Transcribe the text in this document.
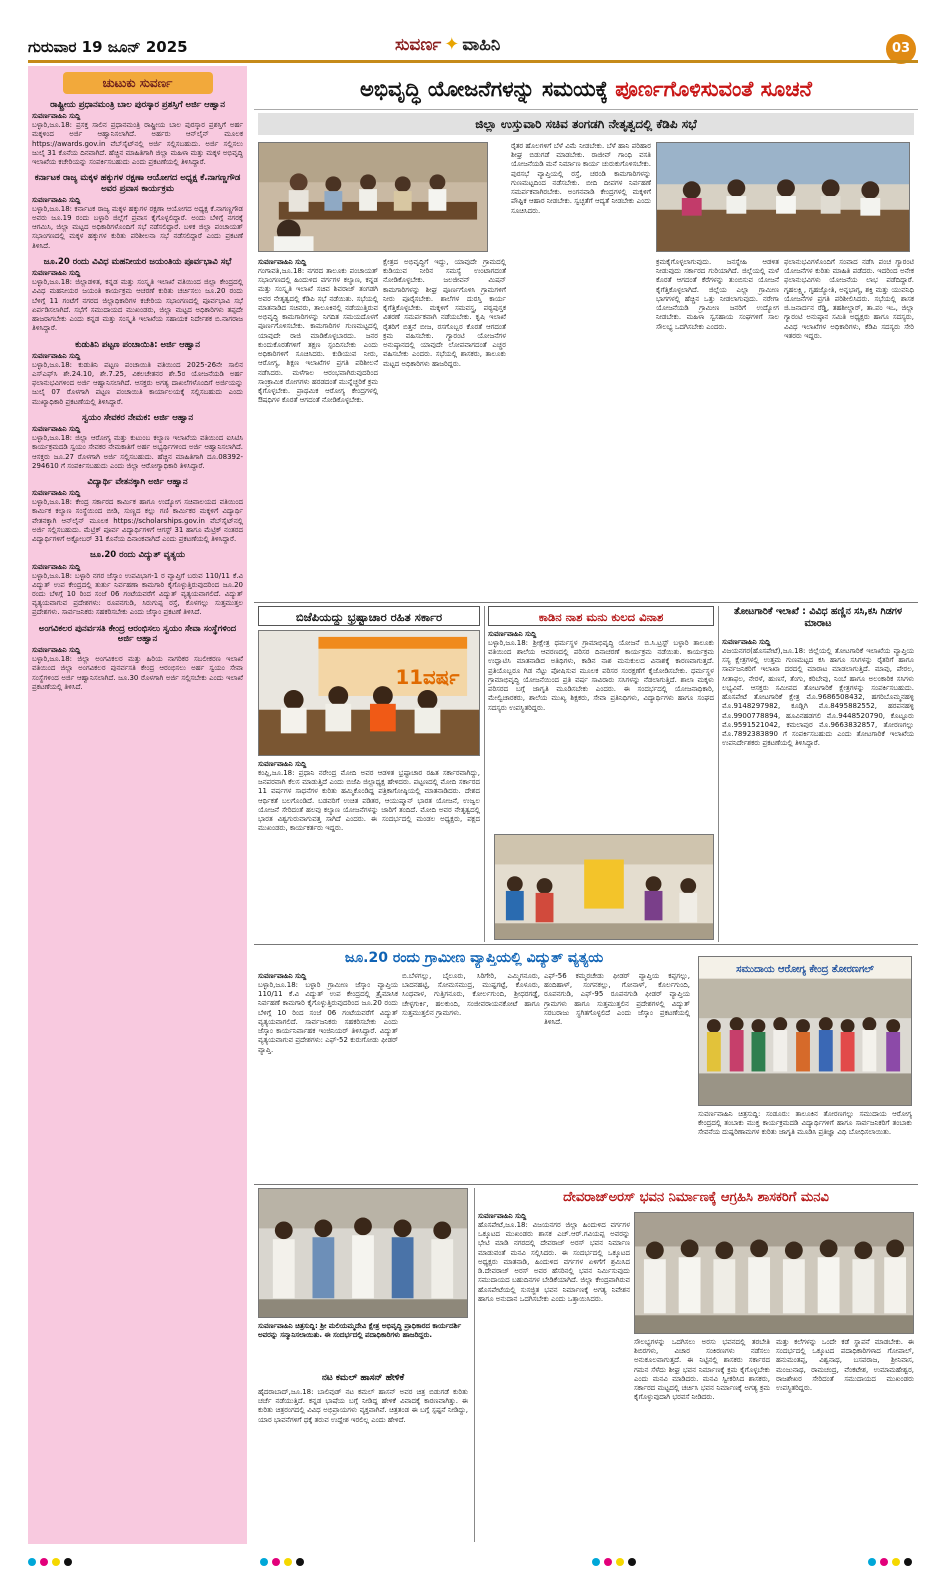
ಗುರುವಾರ 19 ಜೂನ್ 2025	ಸುವರ್ಣ ✦ ವಾಹಿನಿ	03
ಚುಟುಕು ಸುವರ್ಣ
ರಾಷ್ಟ್ರೀಯ ಪ್ರಧಾನಮಂತ್ರಿ ಬಾಲ ಪುರಸ್ಕಾರ ಪ್ರಶಸ್ತಿಗೆ ಅರ್ಜಿ ಆಹ್ವಾನ
ಸುವರ್ಣವಾಹಿನಿ ಸುದ್ದಿ

ಬಳ್ಳಾರಿ,ಜೂ.18: ಪ್ರಸಕ್ತ ಸಾಲಿನ ಪ್ರಧಾನಮಂತ್ರಿ ರಾಷ್ಟ್ರೀಯ ಬಾಲ ಪುರಸ್ಕಾರ ಪ್ರಶಸ್ತಿಗೆ ಅರ್ಹ ಮಕ್ಕಳಿಂದ ಅರ್ಜಿ ಆಹ್ವಾನಿಸಲಾಗಿದೆ. ಅರ್ಹರು ಆನ್‌ಲೈನ್ ಮೂಲಕ https://awards.gov.in ವೆಬ್‌ಸೈಟ್‌ನಲ್ಲಿ ಅರ್ಜಿ ಸಲ್ಲಿಸಬಹುದು. ಅರ್ಜಿ ಸಲ್ಲಿಸಲು ಜುಲೈ 31 ಕೊನೆಯ ದಿನವಾಗಿದೆ. ಹೆಚ್ಚಿನ ಮಾಹಿತಿಗಾಗಿ ಜಿಲ್ಲಾ ಮಹಿಳಾ ಮತ್ತು ಮಕ್ಕಳ ಅಭಿವೃದ್ಧಿ ಇಲಾಖೆಯ ಕಚೇರಿಯನ್ನು ಸಂಪರ್ಕಿಸಬಹುದು ಎಂದು ಪ್ರಕಟಣೆಯಲ್ಲಿ ತಿಳಿಸಿದ್ದಾರೆ.

ಕರ್ನಾಟಕ ರಾಜ್ಯ ಮಕ್ಕಳ ಹಕ್ಕುಗಳ ರಕ್ಷಣಾ ಆಯೋಗದ ಅಧ್ಯಕ್ಷ ಕೆ.ನಾಗಣ್ಣಗೌಡ ಅವರ ಪ್ರವಾಸ ಕಾರ್ಯಕ್ರಮ
ಸುವರ್ಣವಾಹಿನಿ ಸುದ್ದಿ

ಬಳ್ಳಾರಿ,ಜೂ.18: ಕರ್ನಾಟಕ ರಾಜ್ಯ ಮಕ್ಕಳ ಹಕ್ಕುಗಳ ರಕ್ಷಣಾ ಆಯೋಗದ ಅಧ್ಯಕ್ಷ ಕೆ.ನಾಗಣ್ಣಗೌಡ ಅವರು ಜೂ.19 ರಂದು ಬಳ್ಳಾರಿ ಜಿಲ್ಲೆಗೆ ಪ್ರವಾಸ ಕೈಗೊಳ್ಳಲಿದ್ದಾರೆ. ಅಂದು ಬೆಳಿಗ್ಗೆ ನಗರಕ್ಕೆ ಆಗಮಿಸಿ, ಜಿಲ್ಲಾ ಮಟ್ಟದ ಅಧಿಕಾರಿಗಳೊಂದಿಗೆ ಸಭೆ ನಡೆಸಲಿದ್ದಾರೆ. ಬಳಿಕ ಜಿಲ್ಲಾ ಪಂಚಾಯತ್ ಸಭಾಂಗಣದಲ್ಲಿ ಮಕ್ಕಳ ಹಕ್ಕುಗಳ ಕುರಿತು ಪರಿಶೀಲನಾ ಸಭೆ ನಡೆಸಲಿದ್ದಾರೆ ಎಂದು ಪ್ರಕಟಣೆ ತಿಳಿಸಿದೆ.

ಜೂ.20 ರಂದು ವಿವಿಧ ಮಹನೀಯರ ಜಯಂತಿಯ ಪೂರ್ವಭಾವಿ ಸಭೆ
ಸುವರ್ಣವಾಹಿನಿ ಸುದ್ದಿ

ಬಳ್ಳಾರಿ,ಜೂ.18: ಜಿಲ್ಲಾಡಳಿತ, ಕನ್ನಡ ಮತ್ತು ಸಂಸ್ಕೃತಿ ಇಲಾಖೆ ವತಿಯಿಂದ ಜಿಲ್ಲಾ ಕೇಂದ್ರದಲ್ಲಿ ವಿವಿಧ ಮಹನೀಯರ ಜಯಂತಿ ಕಾರ್ಯಕ್ರಮ ಆಚರಣೆ ಕುರಿತು ಚರ್ಚಿಸಲು ಜೂ.20 ರಂದು ಬೆಳಿಗ್ಗೆ 11 ಗಂಟೆಗೆ ನಗರದ ಜಿಲ್ಲಾಧಿಕಾರಿಗಳ ಕಚೇರಿಯ ಸಭಾಂಗಣದಲ್ಲಿ ಪೂರ್ವಭಾವಿ ಸಭೆ ಏರ್ಪಡಿಸಲಾಗಿದೆ. ಸಭೆಗೆ ಸಮುದಾಯದ ಮುಖಂಡರು, ಜಿಲ್ಲಾ ಮಟ್ಟದ ಅಧಿಕಾರಿಗಳು ತಪ್ಪದೇ ಹಾಜರಾಗಬೇಕು ಎಂದು ಕನ್ನಡ ಮತ್ತು ಸಂಸ್ಕೃತಿ ಇಲಾಖೆಯ ಸಹಾಯಕ ನಿರ್ದೇಶಕ ಬಿ.ನಾಗರಾಜ ತಿಳಿಸಿದ್ದಾರೆ.

ಕುಡುತಿನಿ ಪಟ್ಟಣ ಪಂಚಾಯಿತಿ: ಅರ್ಜಿ ಆಹ್ವಾನ
ಸುವರ್ಣವಾಹಿನಿ ಸುದ್ದಿ

ಬಳ್ಳಾರಿ,ಜೂ.18: ಕುಡುತಿನಿ ಪಟ್ಟಣ ಪಂಚಾಯಿತಿ ವತಿಯಿಂದ 2025-26ನೇ ಸಾಲಿನ ಎಸ್‌ಎಫ್‌ಸಿ ಶೇ.24.10, ಶೇ.7.25, ವಿಕಲಚೇತನರ ಶೇ.5ರ ಯೋಜನೆಯಡಿ ಅರ್ಹ ಫಲಾನುಭವಿಗಳಿಂದ ಅರ್ಜಿ ಆಹ್ವಾನಿಸಲಾಗಿದೆ. ಆಸಕ್ತರು ಅಗತ್ಯ ದಾಖಲೆಗಳೊಂದಿಗೆ ಅರ್ಜಿಯನ್ನು ಜುಲೈ 07 ರೊಳಗಾಗಿ ಪಟ್ಟಣ ಪಂಚಾಯಿತಿ ಕಾರ್ಯಾಲಯಕ್ಕೆ ಸಲ್ಲಿಸಬಹುದು ಎಂದು ಮುಖ್ಯಾಧಿಕಾರಿ ಪ್ರಕಟಣೆಯಲ್ಲಿ ತಿಳಿಸಿದ್ದಾರೆ.

ಸ್ವಯಂ ಸೇವಕರ ನೇಮಕ: ಅರ್ಜಿ ಆಹ್ವಾನ
ಸುವರ್ಣವಾಹಿನಿ ಸುದ್ದಿ

ಬಳ್ಳಾರಿ,ಜೂ.18: ಜಿಲ್ಲಾ ಆರೋಗ್ಯ ಮತ್ತು ಕುಟುಂಬ ಕಲ್ಯಾಣ ಇಲಾಖೆಯ ವತಿಯಿಂದ ಐಸಿಟಿಸಿ ಕಾರ್ಯಕ್ರಮದಡಿ ಸ್ವಯಂ ಸೇವಕರ ನೇಮಕಾತಿಗೆ ಅರ್ಹ ಅಭ್ಯರ್ಥಿಗಳಿಂದ ಅರ್ಜಿ ಆಹ್ವಾನಿಸಲಾಗಿದೆ. ಆಸಕ್ತರು ಜೂ.27 ರೊಳಗಾಗಿ ಅರ್ಜಿ ಸಲ್ಲಿಸಬಹುದು. ಹೆಚ್ಚಿನ ಮಾಹಿತಿಗಾಗಿ ದೂ.08392-294610 ಗೆ ಸಂಪರ್ಕಿಸಬಹುದು ಎಂದು ಜಿಲ್ಲಾ ಆರೋಗ್ಯಾಧಿಕಾರಿ ತಿಳಿಸಿದ್ದಾರೆ.

ವಿದ್ಯಾರ್ಥಿ ವೇತನಕ್ಕಾಗಿ ಅರ್ಜಿ ಆಹ್ವಾನ
ಸುವರ್ಣವಾಹಿನಿ ಸುದ್ದಿ

ಬಳ್ಳಾರಿ,ಜೂ.18: ಕೇಂದ್ರ ಸರ್ಕಾರದ ಕಾರ್ಮಿಕ ಹಾಗೂ ಉದ್ಯೋಗ ಸಚಿವಾಲಯದ ವತಿಯಿಂದ ಕಾರ್ಮಿಕ ಕಲ್ಯಾಣ ಸಂಸ್ಥೆಯಿಂದ ಬೀಡಿ, ಸುಣ್ಣದ ಕಲ್ಲು ಗಣಿ ಕಾರ್ಮಿಕರ ಮಕ್ಕಳಿಗೆ ವಿದ್ಯಾರ್ಥಿ ವೇತನಕ್ಕಾಗಿ ಆನ್‌ಲೈನ್ ಮೂಲಕ https://scholarships.gov.in ವೆಬ್‌ಸೈಟ್‌ನಲ್ಲಿ ಅರ್ಜಿ ಸಲ್ಲಿಸಬಹುದು. ಮೆಟ್ರಿಕ್ ಪೂರ್ವ ವಿದ್ಯಾರ್ಥಿಗಳಿಗೆ ಆಗಸ್ಟ್ 31 ಹಾಗೂ ಮೆಟ್ರಿಕ್ ನಂತರದ ವಿದ್ಯಾರ್ಥಿಗಳಿಗೆ ಅಕ್ಟೋಬರ್ 31 ಕೊನೆಯ ದಿನಾಂಕವಾಗಿದೆ ಎಂದು ಪ್ರಕಟಣೆಯಲ್ಲಿ ತಿಳಿಸಿದ್ದಾರೆ.

ಜೂ.20 ರಂದು ವಿದ್ಯುತ್ ವ್ಯತ್ಯಯ
ಸುವರ್ಣವಾಹಿನಿ ಸುದ್ದಿ

ಬಳ್ಳಾರಿ,ಜೂ.18: ಬಳ್ಳಾರಿ ನಗರ ಜೆಸ್ಕಾಂ ಉಪವಿಭಾಗ-1 ರ ವ್ಯಾಪ್ತಿಗೆ ಬರುವ 110/11 ಕೆ.ವಿ ವಿದ್ಯುತ್ ಉಪ ಕೇಂದ್ರದಲ್ಲಿ ತುರ್ತು ನಿರ್ವಹಣಾ ಕಾಮಗಾರಿ ಕೈಗೊಳ್ಳುತ್ತಿರುವುದರಿಂದ ಜೂ.20 ರಂದು ಬೆಳಿಗ್ಗೆ 10 ರಿಂದ ಸಂಜೆ 06 ಗಂಟೆಯವರೆಗೆ ವಿದ್ಯುತ್ ವ್ಯತ್ಯಯವಾಗಲಿದೆ. ವಿದ್ಯುತ್ ವ್ಯತ್ಯಯವಾಗುವ ಪ್ರದೇಶಗಳು: ರೂಪನಗುಡಿ, ಸಿರುಗುಪ್ಪ ರಸ್ತೆ, ಕೊಳಗಲ್ಲು ಸುತ್ತಮುತ್ತಲ ಪ್ರದೇಶಗಳು. ಸಾರ್ವಜನಿಕರು ಸಹಕರಿಸಬೇಕು ಎಂದು ಜೆಸ್ಕಾಂ ಪ್ರಕಟಣೆ ತಿಳಿಸಿದೆ.

ಅಂಗವಿಕಲರ ಪುನರ್ವಸತಿ ಕೇಂದ್ರ ಆರಂಭಿಸಲು ಸ್ವಯಂ ಸೇವಾ ಸಂಸ್ಥೆಗಳಿಂದ ಅರ್ಜಿ ಆಹ್ವಾನ
ಸುವರ್ಣವಾಹಿನಿ ಸುದ್ದಿ

ಬಳ್ಳಾರಿ,ಜೂ.18: ಜಿಲ್ಲಾ ಅಂಗವಿಕಲರ ಮತ್ತು ಹಿರಿಯ ನಾಗರಿಕರ ಸಬಲೀಕರಣ ಇಲಾಖೆ ವತಿಯಿಂದ ಜಿಲ್ಲಾ ಅಂಗವಿಕಲರ ಪುನರ್ವಸತಿ ಕೇಂದ್ರ ಆರಂಭಿಸಲು ಅರ್ಹ ಸ್ವಯಂ ಸೇವಾ ಸಂಸ್ಥೆಗಳಿಂದ ಅರ್ಜಿ ಆಹ್ವಾನಿಸಲಾಗಿದೆ. ಜೂ.30 ರೊಳಗಾಗಿ ಅರ್ಜಿ ಸಲ್ಲಿಸಬೇಕು ಎಂದು ಇಲಾಖೆ ಪ್ರಕಟಣೆಯಲ್ಲಿ ತಿಳಿಸಿದೆ.

ಅಭಿವೃದ್ಧಿ ಯೋಜನೆಗಳನ್ನು ಸಮಯಕ್ಕೆ ಪೂರ್ಣಗೊಳಿಸುವಂತೆ ಸೂಚನೆ
ಜಿಲ್ಲಾ ಉಸ್ತುವಾರಿ ಸಚಿವ ತಂಗಡಗಿ ನೇತೃತ್ವದಲ್ಲಿ ಕೆಡಿಪಿ ಸಭೆ
ಸುವರ್ಣವಾಹಿನಿ ಸುದ್ದಿ

ಗಂಗಾವತಿ,ಜೂ.18: ನಗರದ ತಾಲೂಕು ಪಂಚಾಯತ್ ಸಭಾಂಗಣದಲ್ಲಿ ಹಿಂದುಳಿದ ವರ್ಗಗಳ ಕಲ್ಯಾಣ, ಕನ್ನಡ ಮತ್ತು ಸಂಸ್ಕೃತಿ ಇಲಾಖೆ ಸಚಿವ ಶಿವರಾಜ್ ತಂಗಡಗಿ ಅವರ ನೇತೃತ್ವದಲ್ಲಿ ಕೆಡಿಪಿ ಸಭೆ ನಡೆಯಿತು. ಸಭೆಯಲ್ಲಿ ಮಾತನಾಡಿದ ಸಚಿವರು, ತಾಲೂಕಿನಲ್ಲಿ ನಡೆಯುತ್ತಿರುವ ಅಭಿವೃದ್ಧಿ ಕಾಮಗಾರಿಗಳನ್ನು ನಿಗದಿತ ಸಮಯದೊಳಗೆ ಪೂರ್ಣಗೊಳಿಸಬೇಕು. ಕಾಮಗಾರಿಗಳ ಗುಣಮಟ್ಟದಲ್ಲಿ ಯಾವುದೇ ರಾಜಿ ಮಾಡಿಕೊಳ್ಳಬಾರದು. ಜನರ ಕುಂದುಕೊರತೆಗಳಿಗೆ ತಕ್ಷಣ ಸ್ಪಂದಿಸಬೇಕು ಎಂದು ಅಧಿಕಾರಿಗಳಿಗೆ ಸೂಚಿಸಿದರು. ಕುಡಿಯುವ ನೀರು, ಆರೋಗ್ಯ, ಶಿಕ್ಷಣ ಇಲಾಖೆಗಳ ಪ್ರಗತಿ ಪರಿಶೀಲನೆ ನಡೆಸಿದರು. ಮಳೆಗಾಲ ಆರಂಭವಾಗಿರುವುದರಿಂದ ಸಾಂಕ್ರಾಮಿಕ ರೋಗಗಳು ಹರಡದಂತೆ ಮುನ್ನೆಚ್ಚರಿಕೆ ಕ್ರಮ ಕೈಗೊಳ್ಳಬೇಕು. ಪ್ರಾಥಮಿಕ ಆರೋಗ್ಯ ಕೇಂದ್ರಗಳಲ್ಲಿ ಔಷಧಿಗಳ ಕೊರತೆ ಆಗದಂತೆ ನೋಡಿಕೊಳ್ಳಬೇಕು.

ಕ್ಷೇತ್ರದ ಅಭಿವೃದ್ಧಿಗೆ ಇದ್ದು, ಯಾವುದೇ ಗ್ರಾಮದಲ್ಲಿ ಕುಡಿಯುವ ನೀರಿನ ಸಮಸ್ಯೆ ಉಂಟಾಗದಂತೆ ನೋಡಿಕೊಳ್ಳಬೇಕು. ಜಲಜೀವನ್ ಮಿಷನ್ ಕಾಮಗಾರಿಗಳನ್ನು ಶೀಘ್ರ ಪೂರ್ಣಗೊಳಿಸಿ ಗ್ರಾಮಗಳಿಗೆ ನೀರು ಪೂರೈಸಬೇಕು. ಶಾಲೆಗಳ ದುರಸ್ತಿ ಕಾರ್ಯ ಕೈಗೆತ್ತಿಕೊಳ್ಳಬೇಕು. ಮಕ್ಕಳಿಗೆ ಸಮವಸ್ತ್ರ, ಪಠ್ಯಪುಸ್ತಕ ವಿತರಣೆ ಸಮರ್ಪಕವಾಗಿ ನಡೆಯಬೇಕು. ಕೃಷಿ ಇಲಾಖೆ ರೈತರಿಗೆ ಬಿತ್ತನೆ ಬೀಜ, ರಸಗೊಬ್ಬರ ಕೊರತೆ ಆಗದಂತೆ ಕ್ರಮ ವಹಿಸಬೇಕು. ಗ್ಯಾರಂಟಿ ಯೋಜನೆಗಳ ಅನುಷ್ಠಾನದಲ್ಲಿ ಯಾವುದೇ ಲೋಪವಾಗದಂತೆ ಎಚ್ಚರ ವಹಿಸಬೇಕು ಎಂದರು. ಸಭೆಯಲ್ಲಿ ಶಾಸಕರು, ತಾಲೂಕು ಮಟ್ಟದ ಅಧಿಕಾರಿಗಳು ಹಾಜರಿದ್ದರು.

ರೈತರ ಹೊಲಗಳಿಗೆ ಬೆಳೆ ವಿಮೆ ನೀಡಬೇಕು. ಬೆಳೆ ಹಾನಿ ಪರಿಹಾರ ಶೀಘ್ರ ಬಿಡುಗಡೆ ಮಾಡಬೇಕು. ರಾಜೀವ್ ಗಾಂಧಿ ವಸತಿ ಯೋಜನೆಯಡಿ ಮನೆ ನಿರ್ಮಾಣ ಕಾರ್ಯ ಚುರುಕುಗೊಳಿಸಬೇಕು. ಪುರಸಭೆ ವ್ಯಾಪ್ತಿಯಲ್ಲಿ ರಸ್ತೆ, ಚರಂಡಿ ಕಾಮಗಾರಿಗಳನ್ನು ಗುಣಮಟ್ಟದಿಂದ ನಡೆಸಬೇಕು. ಬೀದಿ ದೀಪಗಳ ನಿರ್ವಹಣೆ ಸಮರ್ಪಕವಾಗಿರಬೇಕು. ಅಂಗನವಾಡಿ ಕೇಂದ್ರಗಳಲ್ಲಿ ಮಕ್ಕಳಿಗೆ ಪೌಷ್ಟಿಕ ಆಹಾರ ನೀಡಬೇಕು. ಸ್ವಚ್ಛತೆಗೆ ಆದ್ಯತೆ ನೀಡಬೇಕು ಎಂದು ಸೂಚಿಸಿದರು.

ಕ್ರಮಕೈಗೊಳ್ಳಲಾಗುವುದು. ಜನಸ್ನೇಹಿ ಆಡಳಿತ ನೀಡುವುದು ಸರ್ಕಾರದ ಗುರಿಯಾಗಿದೆ. ಜಿಲ್ಲೆಯಲ್ಲಿ ಮಳೆ ಕೊರತೆ ಆಗದಂತೆ ಕೆರೆಗಳನ್ನು ತುಂಬಿಸುವ ಯೋಜನೆ ಕೈಗೆತ್ತಿಕೊಳ್ಳಲಾಗಿದೆ. ಜಿಲ್ಲೆಯ ಎಲ್ಲಾ ಗ್ರಾಮೀಣ ಭಾಗಗಳಲ್ಲಿ ಹೆಚ್ಚಿನ ಒತ್ತು ನೀಡಲಾಗುವುದು. ನರೇಗಾ ಯೋಜನೆಯಡಿ ಗ್ರಾಮೀಣ ಜನರಿಗೆ ಉದ್ಯೋಗ ನೀಡಬೇಕು. ಮಹಿಳಾ ಸ್ವಸಹಾಯ ಸಂಘಗಳಿಗೆ ಸಾಲ ಸೌಲಭ್ಯ ಒದಗಿಸಬೇಕು ಎಂದರು.

ಫಲಾನುಭವಿಗಳೊಂದಿಗೆ ಸಂವಾದ ನಡೆಸಿ ಪಂಚ ಗ್ಯಾರಂಟಿ ಯೋಜನೆಗಳ ಕುರಿತು ಮಾಹಿತಿ ಪಡೆದರು. ಇದರಿಂದ ಅನೇಕ ಫಲಾನುಭವಿಗಳು ಯೋಜನೆಯ ಲಾಭ ಪಡೆದಿದ್ದಾರೆ. ಗೃಹಲಕ್ಷ್ಮಿ, ಗೃಹಜ್ಯೋತಿ, ಅನ್ನಭಾಗ್ಯ, ಶಕ್ತಿ ಮತ್ತು ಯುವನಿಧಿ ಯೋಜನೆಗಳ ಪ್ರಗತಿ ಪರಿಶೀಲಿಸಿದರು. ಸಭೆಯಲ್ಲಿ ಶಾಸಕ ಜಿ.ಜನಾರ್ದನ ರೆಡ್ಡಿ, ತಹಶೀಲ್ದಾರ್, ತಾ.ಪಂ ಇಒ, ಜಿಲ್ಲಾ ಗ್ಯಾರಂಟಿ ಅನುಷ್ಠಾನ ಸಮಿತಿ ಅಧ್ಯಕ್ಷರು ಹಾಗೂ ಸದಸ್ಯರು, ವಿವಿಧ ಇಲಾಖೆಗಳ ಅಧಿಕಾರಿಗಳು, ಕೆಡಿಪಿ ಸದಸ್ಯರು ಸೇರಿ ಇತರರು ಇದ್ದರು.

ಬಿಜೆಪಿಯದ್ದು ಭ್ರಷ್ಟಾಚಾರ ರಹಿತ ಸರ್ಕಾರ
11ವರ್ಷ
ಸುವರ್ಣವಾಹಿನಿ ಸುದ್ದಿ

ಕಂಪ್ಲಿ,ಜೂ.18: ಪ್ರಧಾನಿ ನರೇಂದ್ರ ಮೋದಿ ಅವರ ಆಡಳಿತ ಭ್ರಷ್ಟಾಚಾರ ರಹಿತ ಸರ್ಕಾರವಾಗಿದ್ದು, ಜನಪರವಾಗಿ ಕೆಲಸ ಮಾಡುತ್ತಿದೆ ಎಂದು ಬಿಜೆಪಿ ಜಿಲ್ಲಾಧ್ಯಕ್ಷ ಹೇಳಿದರು. ಪಟ್ಟಣದಲ್ಲಿ ಮೋದಿ ಸರ್ಕಾರದ 11 ವರ್ಷಗಳ ಸಾಧನೆಗಳ ಕುರಿತು ಹಮ್ಮಿಕೊಂಡಿದ್ದ ಪತ್ರಿಕಾಗೋಷ್ಠಿಯಲ್ಲಿ ಮಾತನಾಡಿದರು. ದೇಶದ ಆರ್ಥಿಕತೆ ಬಲಗೊಂಡಿದೆ. ಬಡವರಿಗೆ ಉಚಿತ ಪಡಿತರ, ಆಯುಷ್ಮಾನ್ ಭಾರತ ಯೋಜನೆ, ಉಜ್ವಲ ಯೋಜನೆ ಸೇರಿದಂತೆ ಹಲವು ಕಲ್ಯಾಣ ಯೋಜನೆಗಳನ್ನು ಜಾರಿಗೆ ತಂದಿದೆ. ಮೋದಿ ಅವರ ನೇತೃತ್ವದಲ್ಲಿ ಭಾರತ ವಿಶ್ವಗುರುವಾಗುವತ್ತ ಸಾಗಿದೆ ಎಂದರು. ಈ ಸಂದರ್ಭದಲ್ಲಿ ಮಂಡಲ ಅಧ್ಯಕ್ಷರು, ಪಕ್ಷದ ಮುಖಂಡರು, ಕಾರ್ಯಕರ್ತರು ಇದ್ದರು.

ಕಾಡಿನ ನಾಶ ಮನು ಕುಲದ ವಿನಾಶ
ಸುವರ್ಣವಾಹಿನಿ ಸುದ್ದಿ

ಬಳ್ಳಾರಿ,ಜೂ.18: ಶ್ರೀಕ್ಷೇತ್ರ ಧರ್ಮಸ್ಥಳ ಗ್ರಾಮಾಭಿವೃದ್ಧಿ ಯೋಜನೆ ಬಿ.ಸಿ.ಟ್ರಸ್ಟ್ ಬಳ್ಳಾರಿ ತಾಲೂಕು ವತಿಯಿಂದ ಶಾಲೆಯ ಆವರಣದಲ್ಲಿ ಪರಿಸರ ದಿನಾಚರಣೆ ಕಾರ್ಯಕ್ರಮ ನಡೆಯಿತು. ಕಾರ್ಯಕ್ರಮ ಉದ್ಘಾಟಿಸಿ ಮಾತನಾಡಿದ ಅತಿಥಿಗಳು, ಕಾಡಿನ ನಾಶ ಮನುಕುಲದ ವಿನಾಶಕ್ಕೆ ಕಾರಣವಾಗುತ್ತದೆ. ಪ್ರತಿಯೊಬ್ಬರೂ ಗಿಡ ನೆಟ್ಟು ಪೋಷಿಸುವ ಮೂಲಕ ಪರಿಸರ ಸಂರಕ್ಷಣೆಗೆ ಕೈಜೋಡಿಸಬೇಕು. ಧರ್ಮಸ್ಥಳ ಗ್ರಾಮಾಭಿವೃದ್ಧಿ ಯೋಜನೆಯಿಂದ ಪ್ರತಿ ವರ್ಷ ಸಾವಿರಾರು ಸಸಿಗಳನ್ನು ನೆಡಲಾಗುತ್ತಿದೆ. ಶಾಲಾ ಮಕ್ಕಳು ಪರಿಸರದ ಬಗ್ಗೆ ಜಾಗೃತಿ ಮೂಡಿಸಬೇಕು ಎಂದರು. ಈ ಸಂದರ್ಭದಲ್ಲಿ ಯೋಜನಾಧಿಕಾರಿ, ಮೇಲ್ವಿಚಾರಕರು, ಶಾಲೆಯ ಮುಖ್ಯ ಶಿಕ್ಷಕರು, ಸೇವಾ ಪ್ರತಿನಿಧಿಗಳು, ವಿದ್ಯಾರ್ಥಿಗಳು ಹಾಗೂ ಸಂಘದ ಸದಸ್ಯರು ಉಪಸ್ಥಿತರಿದ್ದರು.

ತೋಟಗಾರಿಕೆ ಇಲಾಖೆ : ವಿವಿಧ ಹಣ್ಣಿನ ಸಸಿ,ಕಸಿ ಗಿಡಗಳ ಮಾರಾಟ
ಸುವರ್ಣವಾಹಿನಿ ಸುದ್ದಿ

ವಿಜಯನಗರ(ಹೊಸಪೇಟೆ),ಜೂ.18: ಜಿಲ್ಲೆಯಲ್ಲಿ ತೋಟಗಾರಿಕೆ ಇಲಾಖೆಯ ವ್ಯಾಪ್ತಿಯ ಸಸ್ಯ ಕ್ಷೇತ್ರಗಳಲ್ಲಿ ಉತ್ತಮ ಗುಣಮಟ್ಟದ ಕಸಿ ಹಾಗೂ ಸಸಿಗಳನ್ನು ರೈತರಿಗೆ ಹಾಗೂ ಸಾರ್ವಜನಿಕರಿಗೆ ಇಲಾಖಾ ದರದಲ್ಲಿ ಮಾರಾಟ ಮಾಡಲಾಗುತ್ತಿದೆ. ಮಾವು, ಪೇರಲ, ಸೀತಾಫಲ, ನೇರಳೆ, ಹುಣಸೆ, ತೆಂಗು, ಕರಿಬೇವು, ನಿಂಬೆ ಹಾಗೂ ಅಲಂಕಾರಿಕ ಸಸಿಗಳು ಲಭ್ಯವಿವೆ. ಆಸಕ್ತರು ಸಮೀಪದ ತೋಟಗಾರಿಕೆ ಕ್ಷೇತ್ರಗಳನ್ನು ಸಂಪರ್ಕಿಸಬಹುದು. ಹೊಸಪೇಟೆ ತೋಟಗಾರಿಕೆ ಕ್ಷೇತ್ರ ಮೊ.9686508432, ಹಗರಿಬೊಮ್ಮನಹಳ್ಳಿ ಮೊ.9148297982, ಕೂಡ್ಲಿಗಿ ಮೊ.8495882552, ಹರಪನಹಳ್ಳಿ ಮೊ.9900778894, ಹೂವಿನಹಡಗಲಿ ಮೊ.9448520790, ಕೊಟ್ಟೂರು ಮೊ.9591521042, ಕಮಲಾಪುರ ಮೊ.9663832857, ತೋರಣಗಲ್ಲು ಮೊ.7892383890 ಗೆ ಸಂಪರ್ಕಿಸಬಹುದು ಎಂದು ತೋಟಗಾರಿಕೆ ಇಲಾಖೆಯ ಉಪನಿರ್ದೇಶಕರು ಪ್ರಕಟಣೆಯಲ್ಲಿ ತಿಳಿಸಿದ್ದಾರೆ.

ಜೂ.20 ರಂದು ಗ್ರಾಮೀಣ ವ್ಯಾಪ್ತಿಯಲ್ಲಿ ವಿದ್ಯುತ್ ವ್ಯತ್ಯಯ
ಸುವರ್ಣವಾಹಿನಿ ಸುದ್ದಿ

ಬಳ್ಳಾರಿ,ಜೂ.18: ಬಳ್ಳಾರಿ ಗ್ರಾಮೀಣ ಜೆಸ್ಕಾಂ ವ್ಯಾಪ್ತಿಯ 110/11 ಕೆ.ವಿ ವಿದ್ಯುತ್ ಉಪ ಕೇಂದ್ರದಲ್ಲಿ ತ್ರೈಮಾಸಿಕ ನಿರ್ವಹಣೆ ಕಾಮಗಾರಿ ಕೈಗೊಳ್ಳುತ್ತಿರುವುದರಿಂದ ಜೂ.20 ರಂದು ಬೆಳಿಗ್ಗೆ 10 ರಿಂದ ಸಂಜೆ 06 ಗಂಟೆಯವರೆಗೆ ವಿದ್ಯುತ್ ವ್ಯತ್ಯಯವಾಗಲಿದೆ. ಸಾರ್ವಜನಿಕರು ಸಹಕರಿಸಬೇಕು ಎಂದು ಜೆಸ್ಕಾಂ ಕಾರ್ಯನಿರ್ವಾಹಕ ಇಂಜಿನಿಯರ್ ತಿಳಿಸಿದ್ದಾರೆ. ವಿದ್ಯುತ್ ವ್ಯತ್ಯಯವಾಗುವ ಪ್ರದೇಶಗಳು: ಎಫ್-52 ಕುರುಗೋಡು ಫೀಡರ್ ವ್ಯಾಪ್ತಿ.

ಬಿ.ಬೆಳಗಲ್ಲು, ಬೈಲೂರು, ಸಿರಿಗೇರಿ, ಎಮ್ಮಿಗನೂರು, ಬಾದನಹಟ್ಟಿ, ಸೋಮಸಮುದ್ರ, ಮುಷ್ಟಗಟ್ಟೆ, ಕೊಳೂರು, ಸಿಂಧವಾಳ, ಗುತ್ತಿಗನೂರು, ಕೋರ್ಲಗುಂದಿ, ಶ್ರೀಧರಗಡ್ಡೆ, ಚೇಳ್ಳಗುರ್ಕಿ, ಹಲಕುಂದಿ, ಸಂಜೀವರಾಯನಕೋಟೆ ಹಾಗೂ ಸುತ್ತಮುತ್ತಲಿನ ಗ್ರಾಮಗಳು.

ಎಫ್-56 ಕಮ್ಮರಚೇಡು ಫೀಡರ್ ವ್ಯಾಪ್ತಿಯ ಕಪ್ಪಗಲ್ಲು, ಹಂದಿಹಾಳ್, ಸಂಗನಕಲ್ಲು, ಗೋನಾಳ್, ಕೊರ್ಲಗುಂದಿ, ರೂಪನಗುಡಿ, ಎಫ್-95 ರೂಪನಗುಡಿ ಫೀಡರ್ ವ್ಯಾಪ್ತಿಯ ಗ್ರಾಮಗಳು ಹಾಗೂ ಸುತ್ತಮುತ್ತಲಿನ ಪ್ರದೇಶಗಳಲ್ಲಿ ವಿದ್ಯುತ್ ಸರಬರಾಜು ಸ್ಥಗಿತಗೊಳ್ಳಲಿದೆ ಎಂದು ಜೆಸ್ಕಾಂ ಪ್ರಕಟಣೆಯಲ್ಲಿ ತಿಳಿಸಿದೆ.

ಸಮುದಾಯ ಆರೋಗ್ಯ ಕೇಂದ್ರ ತೋರಣಗಲ್

ಸುವರ್ಣವಾಹಿನಿ ಚಿತ್ರಸುದ್ದಿ: ಸಂಡೂರು: ತಾಲೂಕಿನ ತೋರಣಗಲ್ಲು ಸಮುದಾಯ ಆರೋಗ್ಯ ಕೇಂದ್ರದಲ್ಲಿ ತಂಬಾಕು ಮುಕ್ತ ಕಾರ್ಯಕ್ರಮದಡಿ ವಿದ್ಯಾರ್ಥಿಗಳಿಗೆ ಹಾಗೂ ಸಾರ್ವಜನಿಕರಿಗೆ ತಂಬಾಕು ಸೇವನೆಯ ದುಷ್ಪರಿಣಾಮಗಳ ಕುರಿತು ಜಾಗೃತಿ ಮೂಡಿಸಿ ಪ್ರತಿಜ್ಞಾ ವಿಧಿ ಬೋಧಿಸಲಾಯಿತು.

ಸುವರ್ಣವಾಹಿನಿ ಚಿತ್ರಸುದ್ದಿ: ಶ್ರೀ ಮಲಿಯಮ್ಮದೇವಿ ಕ್ಷೇತ್ರ ಅಭಿವೃದ್ಧಿ ಪ್ರಾಧಿಕಾರದ ಕಾರ್ಯದರ್ಶಿ ಅವರನ್ನು ಸನ್ಮಾನಿಸಲಾಯಿತು. ಈ ಸಂದರ್ಭದಲ್ಲಿ ಪದಾಧಿಕಾರಿಗಳು ಹಾಜರಿದ್ದರು.

ನಟ ಕಮಲ್ ಹಾಸನ್ ಹೇಳಿಕೆ

ಹೈದರಾಬಾದ್,ಜೂ.18: ಬಾಲಿವುಡ್ ನಟ ಕಮಲ್ ಹಾಸನ್ ಅವರ ಚಿತ್ರ ಬಿಡುಗಡೆ ಕುರಿತು ಚರ್ಚೆ ನಡೆಯುತ್ತಿದೆ. ಕನ್ನಡ ಭಾಷೆಯ ಬಗ್ಗೆ ನೀಡಿದ್ದ ಹೇಳಿಕೆ ವಿವಾದಕ್ಕೆ ಕಾರಣವಾಗಿತ್ತು. ಈ ಕುರಿತು ಚಿತ್ರರಂಗದಲ್ಲಿ ವಿವಿಧ ಅಭಿಪ್ರಾಯಗಳು ವ್ಯಕ್ತವಾಗಿವೆ. ಚಿತ್ರತಂಡ ಈ ಬಗ್ಗೆ ಸ್ಪಷ್ಟನೆ ನೀಡಿದ್ದು, ಯಾರ ಭಾವನೆಗಳಿಗೆ ಧಕ್ಕೆ ತರುವ ಉದ್ದೇಶ ಇರಲಿಲ್ಲ ಎಂದು ಹೇಳಿದೆ.

ದೇವರಾಜ್‌ಅರಸ್ ಭವನ ನಿರ್ಮಾಣಕ್ಕೆ ಆಗ್ರಹಿಸಿ ಶಾಸಕರಿಗೆ ಮನವಿ
ಸುವರ್ಣವಾಹಿನಿ ಸುದ್ದಿ

ಹೊಸಪೇಟೆ,ಜೂ.18: ವಿಜಯನಗರ ಜಿಲ್ಲಾ ಹಿಂದುಳಿದ ವರ್ಗಗಳ ಒಕ್ಕೂಟದ ಮುಖಂಡರು ಶಾಸಕ ಎಚ್.ಆರ್.ಗವಿಯಪ್ಪ ಅವರನ್ನು ಭೇಟಿ ಮಾಡಿ ನಗರದಲ್ಲಿ ದೇವರಾಜ್ ಅರಸ್ ಭವನ ನಿರ್ಮಾಣ ಮಾಡುವಂತೆ ಮನವಿ ಸಲ್ಲಿಸಿದರು. ಈ ಸಂದರ್ಭದಲ್ಲಿ ಒಕ್ಕೂಟದ ಅಧ್ಯಕ್ಷರು ಮಾತನಾಡಿ, ಹಿಂದುಳಿದ ವರ್ಗಗಳ ಏಳಿಗೆಗೆ ಶ್ರಮಿಸಿದ ಡಿ.ದೇವರಾಜ್ ಅರಸ್ ಅವರ ಹೆಸರಿನಲ್ಲಿ ಭವನ ನಿರ್ಮಿಸುವುದು ಸಮುದಾಯದ ಬಹುದಿನಗಳ ಬೇಡಿಕೆಯಾಗಿದೆ. ಜಿಲ್ಲಾ ಕೇಂದ್ರವಾಗಿರುವ ಹೊಸಪೇಟೆಯಲ್ಲಿ ಸುಸಜ್ಜಿತ ಭವನ ನಿರ್ಮಾಣಕ್ಕೆ ಅಗತ್ಯ ನಿವೇಶನ ಹಾಗೂ ಅನುದಾನ ಒದಗಿಸಬೇಕು ಎಂದು ಒತ್ತಾಯಿಸಿದರು.

ಸೌಲಭ್ಯಗಳನ್ನು ಒದಗಿಸಲು ಅರಸು ಭವನದಲ್ಲಿ ತರಬೇತಿ ಶಿಬಿರಗಳು, ವಿಚಾರ ಸಂಕಿರಣಗಳು ನಡೆಸಲು ಅನುಕೂಲವಾಗುತ್ತದೆ. ಈ ನಿಟ್ಟಿನಲ್ಲಿ ಶಾಸಕರು ಸರ್ಕಾರದ ಗಮನ ಸೆಳೆದು ಶೀಘ್ರ ಭವನ ನಿರ್ಮಾಣಕ್ಕೆ ಕ್ರಮ ಕೈಗೊಳ್ಳಬೇಕು ಎಂದು ಮನವಿ ಮಾಡಿದರು. ಮನವಿ ಸ್ವೀಕರಿಸಿದ ಶಾಸಕರು, ಸರ್ಕಾರದ ಮಟ್ಟದಲ್ಲಿ ಚರ್ಚಿಸಿ ಭವನ ನಿರ್ಮಾಣಕ್ಕೆ ಅಗತ್ಯ ಕ್ರಮ ಕೈಗೊಳ್ಳುವುದಾಗಿ ಭರವಸೆ ನೀಡಿದರು.

ಮತ್ತು ಕಲೆಗಳನ್ನು ಒಂದೇ ಕಡೆ ಸ್ಥಾಪನೆ ಮಾಡಬೇಕು. ಈ ಸಂದರ್ಭದಲ್ಲಿ ಒಕ್ಕೂಟದ ಪದಾಧಿಕಾರಿಗಳಾದ ಗೋಪಾಲ್, ಹನುಮಂತಪ್ಪ, ವಿಶ್ವನಾಥ, ಬಸವರಾಜ, ಶ್ರೀನಿವಾಸ, ಮಂಜುನಾಥ, ರಾಮಚಂದ್ರ, ವೆಂಕಟೇಶ, ಉಮಾಮಹೇಶ್ವರ, ರಾಜಶೇಖರ ಸೇರಿದಂತೆ ಸಮುದಾಯದ ಮುಖಂಡರು ಉಪಸ್ಥಿತರಿದ್ದರು.
